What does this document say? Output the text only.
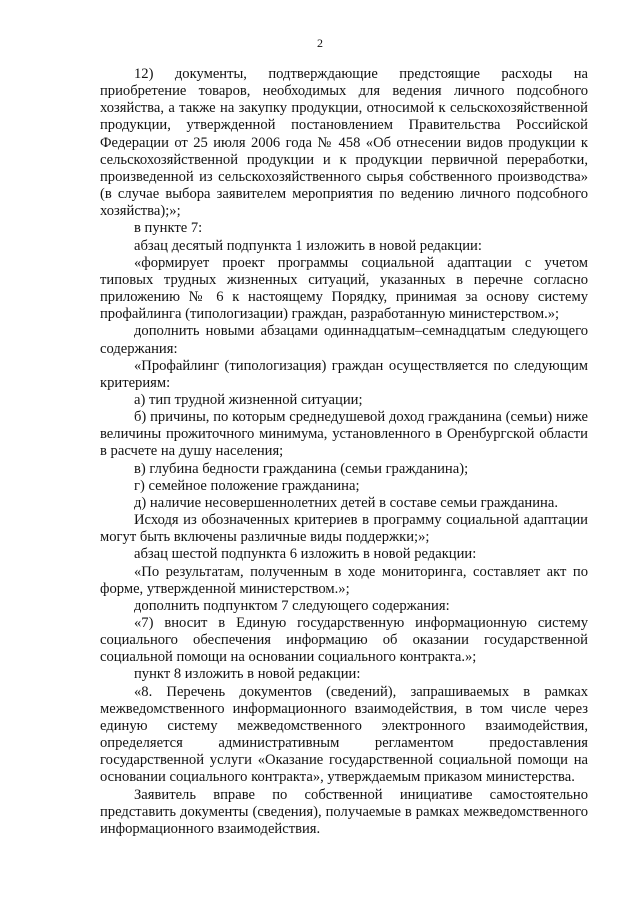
2

12) документы, подтверждающие предстоящие расходы на приобретение товаров, необходимых для ведения личного подсобного хозяйства, а также на закупку продукции, относимой к сельскохозяйственной продукции, утвержденной постановлением Правительства Российской Федерации от 25 июля 2006 года № 458 «Об отнесении видов продукции к сельскохозяйственной продукции и к продукции первичной переработки, произведенной из сельскохозяйственного сырья собственного производства» (в случае выбора заявителем мероприятия по ведению личного подсобного хозяйства);»;

в пункте 7:

абзац десятый подпункта 1 изложить в новой редакции:

«формирует проект программы социальной адаптации с учетом типовых трудных жизненных ситуаций, указанных в перечне согласно приложению № 6 к настоящему Порядку, принимая за основу систему профайлинга (типологизации) граждан, разработанную министерством.»;

дополнить новыми абзацами одиннадцатым–семнадцатым следующего содержания:

«Профайлинг (типологизация) граждан осуществляется по следующим критериям:

а) тип трудной жизненной ситуации;

б) причины, по которым среднедушевой доход гражданина (семьи) ниже величины прожиточного минимума, установленного в Оренбургской области в расчете на душу населения;

в) глубина бедности гражданина (семьи гражданина);

г) семейное положение гражданина;

д) наличие несовершеннолетних детей в составе семьи гражданина.

Исходя из обозначенных критериев в программу социальной адаптации могут быть включены различные виды поддержки;»;

абзац шестой подпункта 6 изложить в новой редакции:

«По результатам, полученным в ходе мониторинга, составляет акт по форме, утвержденной министерством.»;

дополнить подпунктом 7 следующего содержания:

«7) вносит в Единую государственную информационную систему социального обеспечения информацию об оказании государственной социальной помощи на основании социального контракта.»;

пункт 8 изложить в новой редакции:

«8. Перечень документов (сведений), запрашиваемых в рамках межведомственного информационного взаимодействия, в том числе через единую систему межведомственного электронного взаимодействия, определяется административным регламентом предоставления государственной услуги «Оказание государственной социальной помощи на основании социального контракта», утверждаемым приказом министерства.

Заявитель вправе по собственной инициативе самостоятельно представить документы (сведения), получаемые в рамках межведомственного информационного взаимодействия.
